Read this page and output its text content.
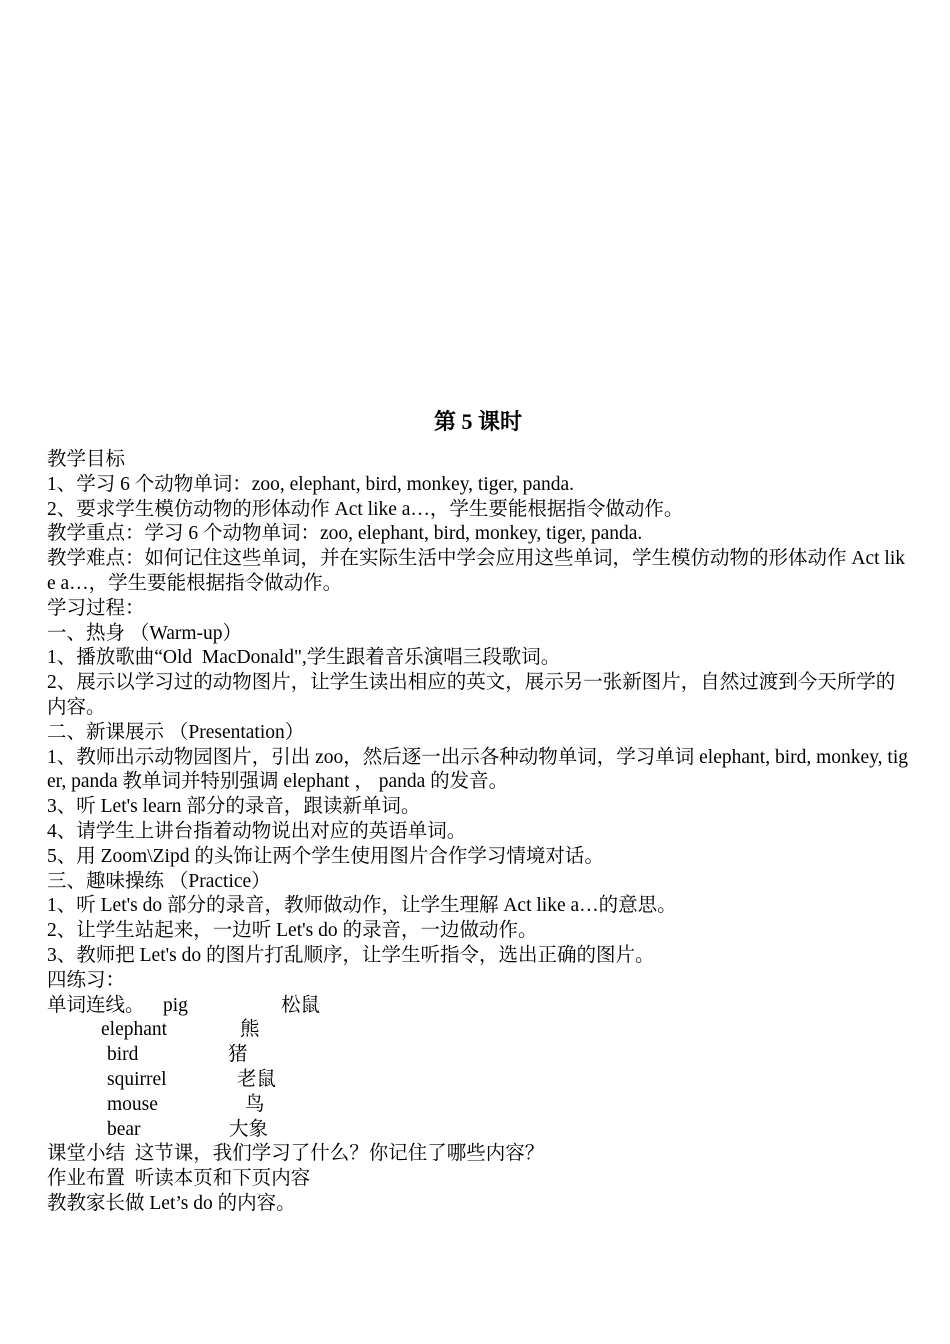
第 5 课时

教学目标

1、学习 6 个动物单词：zoo, elephant, bird, monkey, tiger, panda.

2、要求学生模仿动物的形体动作 Act like a…，学生要能根据指令做动作。

教学重点：学习 6 个动物单词：zoo, elephant, bird, monkey, tiger, panda.

教学难点：如何记住这些单词，并在实际生活中学会应用这些单词，学生模仿动物的形体动作 Act like a…，学生要能根据指令做动作。

学习过程：

一、热身 （Warm-up）

1、播放歌曲“Old  MacDonald",学生跟着音乐演唱三段歌词。

2、展示以学习过的动物图片，让学生读出相应的英文，展示另一张新图片，自然过渡到今天所学的内容。

二、新课展示 （Presentation）

1、教师出示动物园图片，引出 zoo，然后逐一出示各种动物单词，学习单词 elephant, bird, monkey, tiger, panda 教单词并特别强调 elephant ， panda 的发音。

3、听 Let's learn 部分的录音，跟读新单词。

4、请学生上讲台指着动物说出对应的英语单词。

5、用 Zoom\Zipd 的头饰让两个学生使用图片合作学习情境对话。

三、趣味操练 （Practice）

1、听 Let's do 部分的录音，教师做动作，让学生理解 Act like a…的意思。

2、让学生站起来，一边听 Let's do 的录音，一边做动作。

3、教师把 Let's do 的图片打乱顺序，让学生听指令，选出正确的图片。

四练习：

单词连线。 pig	松鼠
elephant	熊
bird	猪
squirrel	老鼠
mouse	鸟
bear	大象

课堂小结  这节课，我们学习了什么？你记住了哪些内容？

作业布置  听读本页和下页内容

教教家长做 Let’s do 的内容。
